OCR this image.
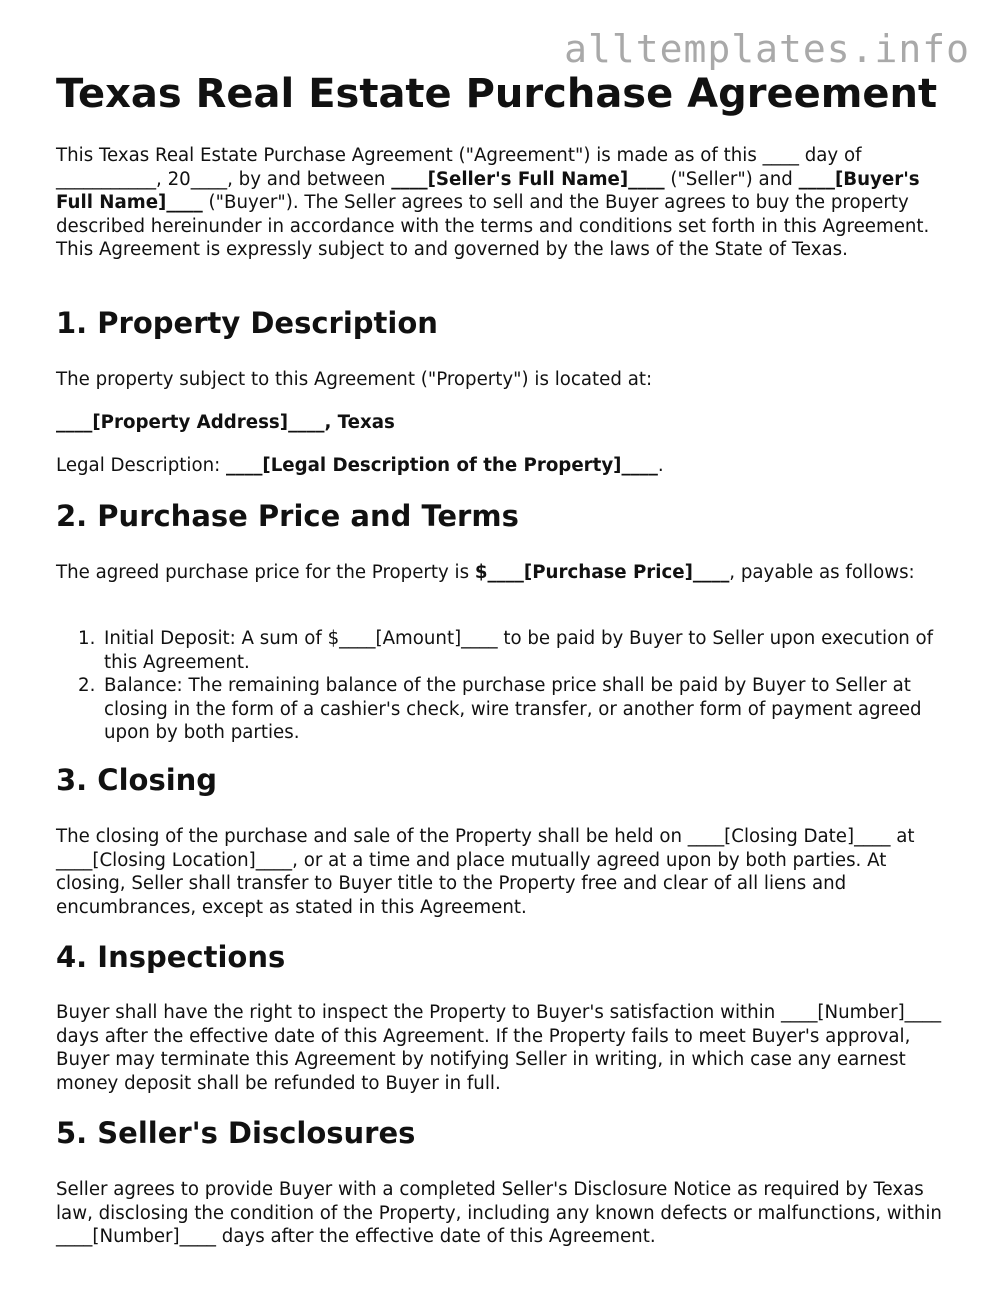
alltemplates.info
Texas Real Estate Purchase Agreement

This Texas Real Estate Purchase Agreement ("Agreement") is made as of this ____ day of ___________, 20____, by and between ____[Seller's Full Name]____ ("Seller") and ____[Buyer's Full Name]____ ("Buyer"). The Seller agrees to sell and the Buyer agrees to buy the property described hereinunder in accordance with the terms and conditions set forth in this Agreement. This Agreement is expressly subject to and governed by the laws of the State of Texas.

1. Property Description

The property subject to this Agreement ("Property") is located at:

____[Property Address]____, Texas

Legal Description: ____[Legal Description of the Property]____.

2. Purchase Price and Terms

The agreed purchase price for the Property is $____[Purchase Price]____, payable as follows:

1. Initial Deposit: A sum of $____[Amount]____ to be paid by Buyer to Seller upon execution of this Agreement.
2. Balance: The remaining balance of the purchase price shall be paid by Buyer to Seller at closing in the form of a cashier's check, wire transfer, or another form of payment agreed upon by both parties.
3. Closing

The closing of the purchase and sale of the Property shall be held on ____[Closing Date]____ at ____[Closing Location]____, or at a time and place mutually agreed upon by both parties. At closing, Seller shall transfer to Buyer title to the Property free and clear of all liens and encumbrances, except as stated in this Agreement.

4. Inspections

Buyer shall have the right to inspect the Property to Buyer's satisfaction within ____[Number]____ days after the effective date of this Agreement. If the Property fails to meet Buyer's approval, Buyer may terminate this Agreement by notifying Seller in writing, in which case any earnest money deposit shall be refunded to Buyer in full.

5. Seller's Disclosures

Seller agrees to provide Buyer with a completed Seller's Disclosure Notice as required by Texas law, disclosing the condition of the Property, including any known defects or malfunctions, within ____[Number]____ days after the effective date of this Agreement.
